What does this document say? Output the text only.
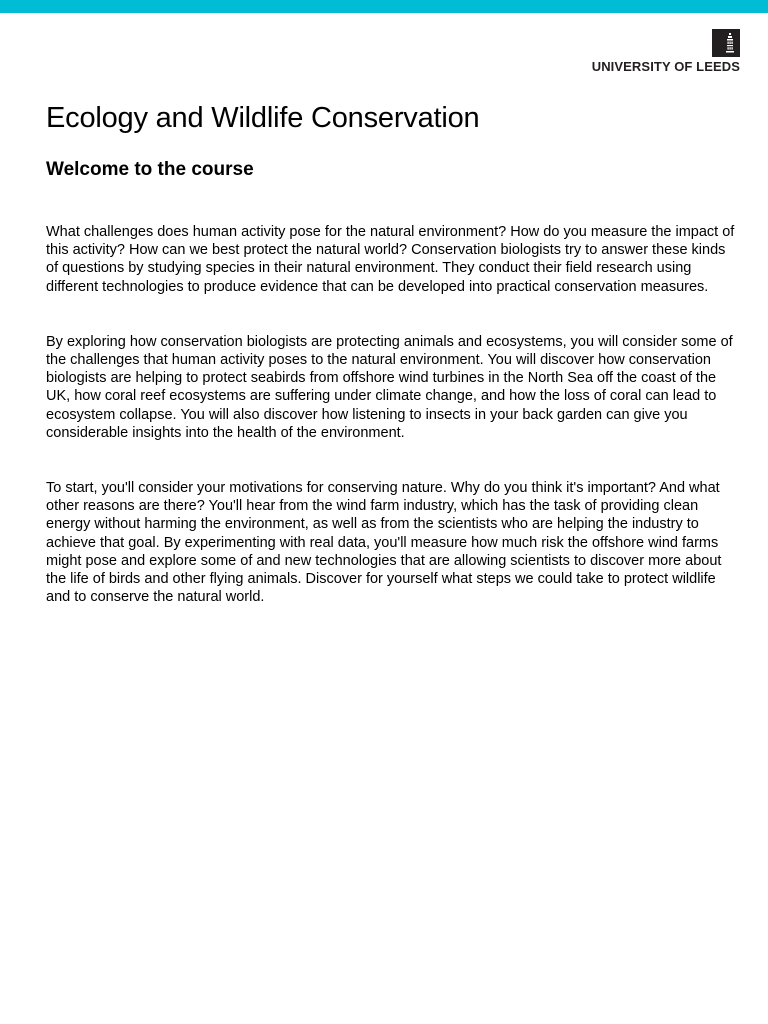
UNIVERSITY OF LEEDS
Ecology and Wildlife Conservation
Welcome to the course

What challenges does human activity pose for the natural environment? How do you measure the impact of this activity? How can we best protect the natural world? Conservation biologists try to answer these kinds of questions by studying species in their natural environment. They conduct their field research using different technologies to produce evidence that can be developed into practical conservation measures.

By exploring how conservation biologists are protecting animals and ecosystems, you will consider some of the challenges that human activity poses to the natural environment. You will discover how conservation biologists are helping to protect seabirds from offshore wind turbines in the North Sea off the coast of the UK, how coral reef ecosystems are suffering under climate change, and how the loss of coral can lead to ecosystem collapse. You will also discover how listening to insects in your back garden can give you considerable insights into the health of the environment.

To start, you'll consider your motivations for conserving nature. Why do you think it's important? And what other reasons are there? You'll hear from the wind farm industry, which has the task of providing clean energy without harming the environment, as well as from the scientists who are helping the industry to achieve that goal. By experimenting with real data, you'll measure how much risk the offshore wind farms might pose and explore some of and new technologies that are allowing scientists to discover more about the life of birds and other flying animals. Discover for yourself what steps we could take to protect wildlife and to conserve the natural world.
